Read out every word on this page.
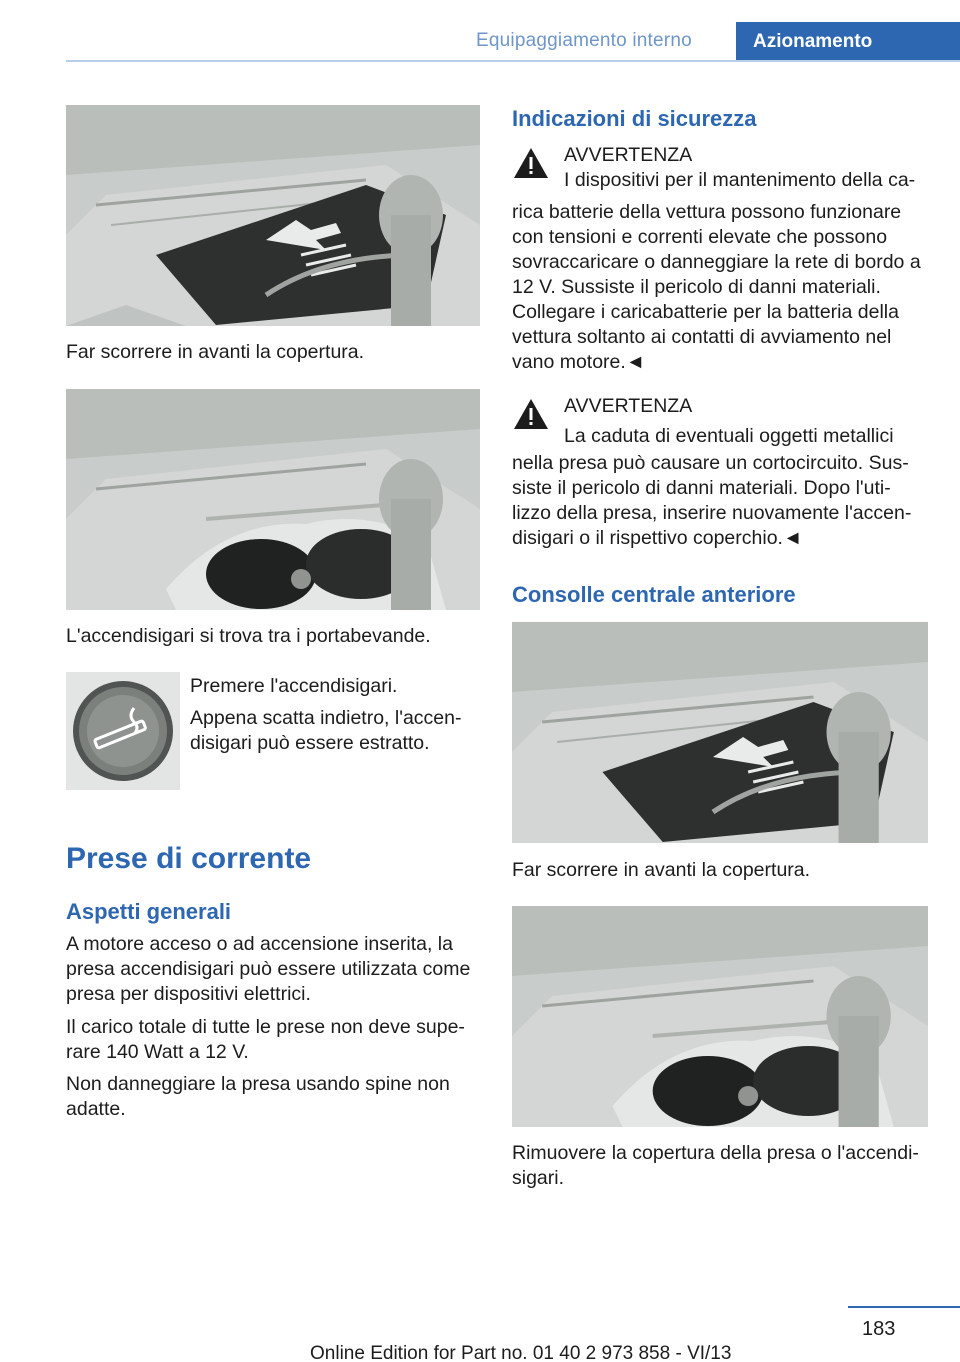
Equipaggiamento interno	Azionamento
Far scorrere in avanti la copertura.
L'accendisigari si trova tra i portabevande.
Premere l'accendisigari.
Appena scatta indietro, l'accen‐
disigari può essere estratto.
Prese di corrente
Aspetti generali
A motore acceso o ad accensione inserita, la
presa accendisigari può essere utilizzata come
presa per dispositivi elettrici.
Il carico totale di tutte le prese non deve supe‐
rare 140 Watt a 12 V.
Non danneggiare la presa usando spine non
adatte.
Indicazioni di sicurezza
AVVERTENZA
I dispositivi per il mantenimento della ca‐
rica batterie della vettura possono funzionare
con tensioni e correnti elevate che possono
sovraccaricare o danneggiare la rete di bordo a
12 V. Sussiste il pericolo di danni materiali.
Collegare i caricabatterie per la batteria della
vettura soltanto ai contatti di avviamento nel
vano motore.◄
AVVERTENZA
La caduta di eventuali oggetti metallici
nella presa può causare un cortocircuito. Sus‐
siste il pericolo di danni materiali. Dopo l'uti‐
lizzo della presa, inserire nuovamente l'accen‐
disigari o il rispettivo coperchio.◄
Consolle centrale anteriore
Far scorrere in avanti la copertura.
Rimuovere la copertura della presa o l'accendi‐
sigari.
183
Online Edition for Part no. 01 40 2 973 858 - VI/13
